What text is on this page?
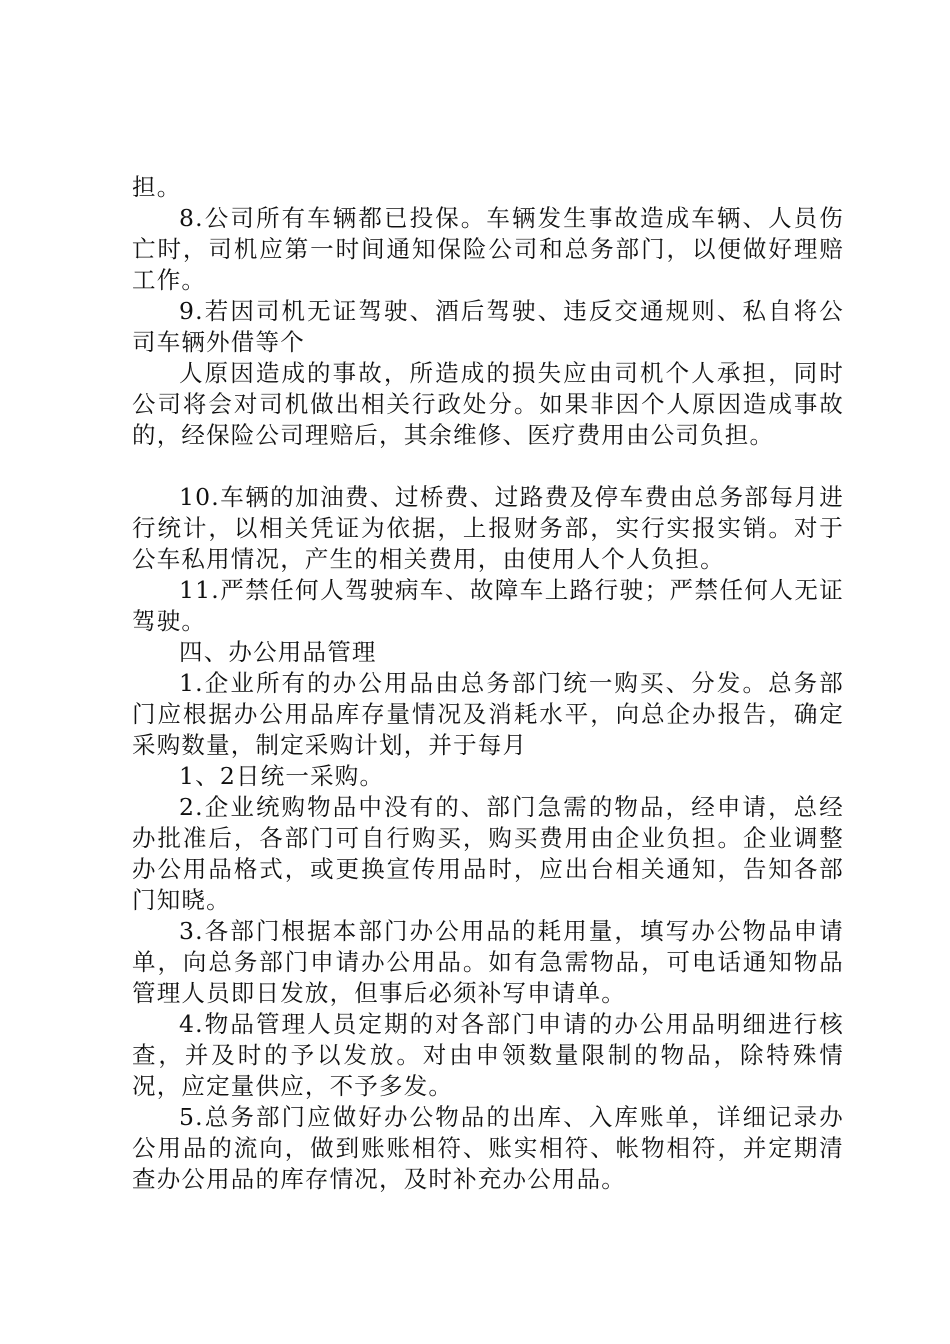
担。

8.公司所有车辆都已投保。车辆发生事故造成车辆、人员伤亡时，司机应第一时间通知保险公司和总务部门，以便做好理赔工作。

9.若因司机无证驾驶、酒后驾驶、违反交通规则、私自将公司车辆外借等个

人原因造成的事故，所造成的损失应由司机个人承担，同时公司将会对司机做出相关行政处分。如果非因个人原因造成事故的，经保险公司理赔后，其余维修、医疗费用由公司负担。

10.车辆的加油费、过桥费、过路费及停车费由总务部每月进行统计，以相关凭证为依据，上报财务部，实行实报实销。对于公车私用情况，产生的相关费用，由使用人个人负担。

11.严禁任何人驾驶病车、故障车上路行驶；严禁任何人无证驾驶。

四、办公用品管理

1.企业所有的办公用品由总务部门统一购买、分发。总务部门应根据办公用品库存量情况及消耗水平，向总企办报告，确定采购数量，制定采购计划，并于每月

1、2日统一采购。

2.企业统购物品中没有的、部门急需的物品，经申请，总经办批准后，各部门可自行购买，购买费用由企业负担。企业调整办公用品格式，或更换宣传用品时，应出台相关通知，告知各部门知晓。

3.各部门根据本部门办公用品的耗用量，填写办公物品申请单，向总务部门申请办公用品。如有急需物品，可电话通知物品管理人员即日发放，但事后必须补写申请单。

4.物品管理人员定期的对各部门申请的办公用品明细进行核查，并及时的予以发放。对由申领数量限制的物品，除特殊情况，应定量供应，不予多发。

5.总务部门应做好办公物品的出库、入库账单，详细记录办公用品的流向，做到账账相符、账实相符、帐物相符，并定期清查办公用品的库存情况，及时补充办公用品。
